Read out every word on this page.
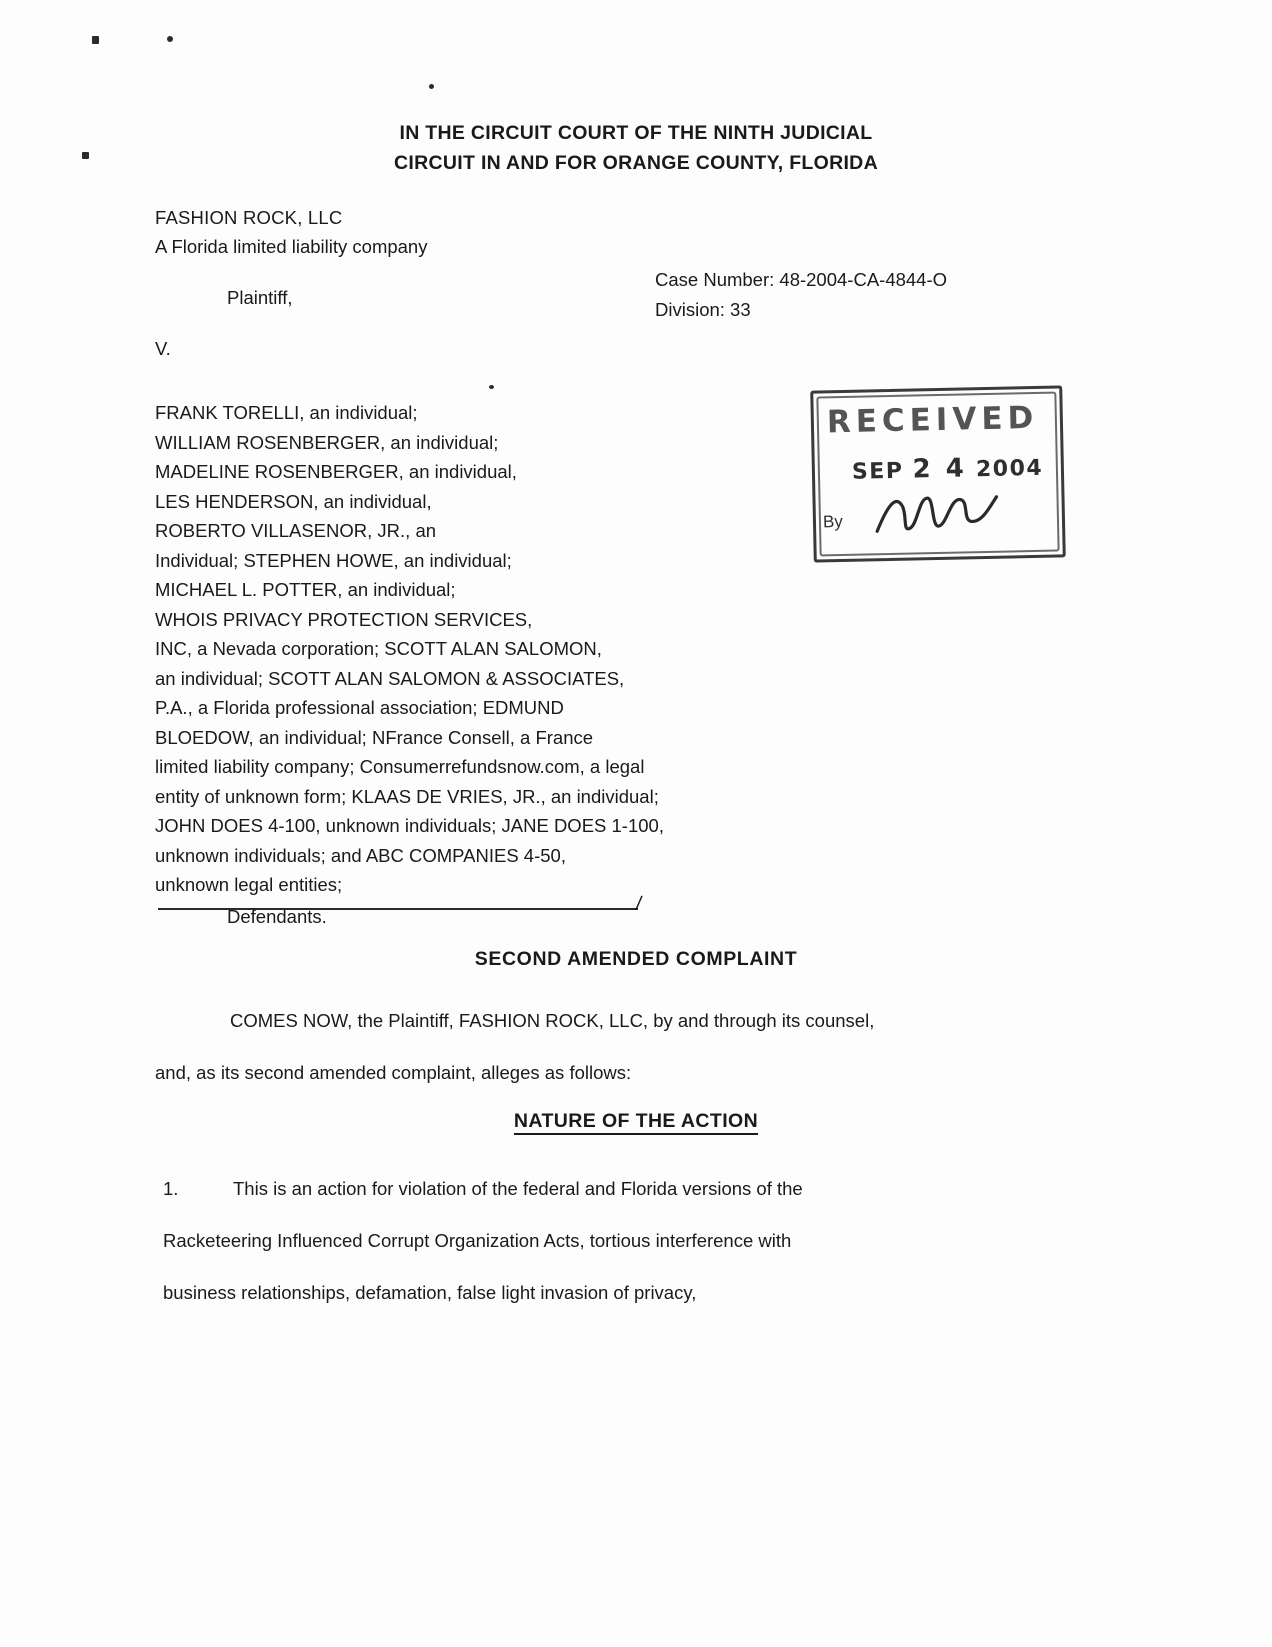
IN THE CIRCUIT COURT OF THE NINTH JUDICIAL
CIRCUIT IN AND FOR ORANGE COUNTY, FLORIDA
FASHION ROCK, LLC
A Florida limited liability company
Plaintiff,
V.
Case Number: 48-2004-CA-4844-O
Division: 33
FRANK TORELLI, an individual;
WILLIAM ROSENBERGER, an individual;
MADELINE ROSENBERGER, an individual,
LES HENDERSON, an individual,
ROBERTO VILLASENOR, JR., an
Individual; STEPHEN HOWE, an individual;
MICHAEL L. POTTER, an individual;
WHOIS PRIVACY PROTECTION SERVICES,
INC, a Nevada corporation; SCOTT ALAN SALOMON,
an individual; SCOTT ALAN SALOMON & ASSOCIATES,
P.A., a Florida professional association; EDMUND
BLOEDOW, an individual; NFrance Consell, a France
limited liability company; Consumerrefundsnow.com, a legal
entity of unknown form; KLAAS DE VRIES, JR., an individual;
JOHN DOES 4-100, unknown individuals; JANE DOES 1-100,
unknown individuals; and ABC COMPANIES 4-50,
unknown legal entities;
Defendants.
RECEIVED
SEP 2 4 2004
By
/
SECOND AMENDED COMPLAINT
COMES NOW, the Plaintiff, FASHION ROCK, LLC, by and through its counsel,
and, as its second amended complaint, alleges as follows:
NATURE OF THE ACTION
1.	This is an action for violation of the federal and Florida versions of the
Racketeering Influenced Corrupt Organization Acts, tortious interference with
business relationships, defamation, false light invasion of privacy,
